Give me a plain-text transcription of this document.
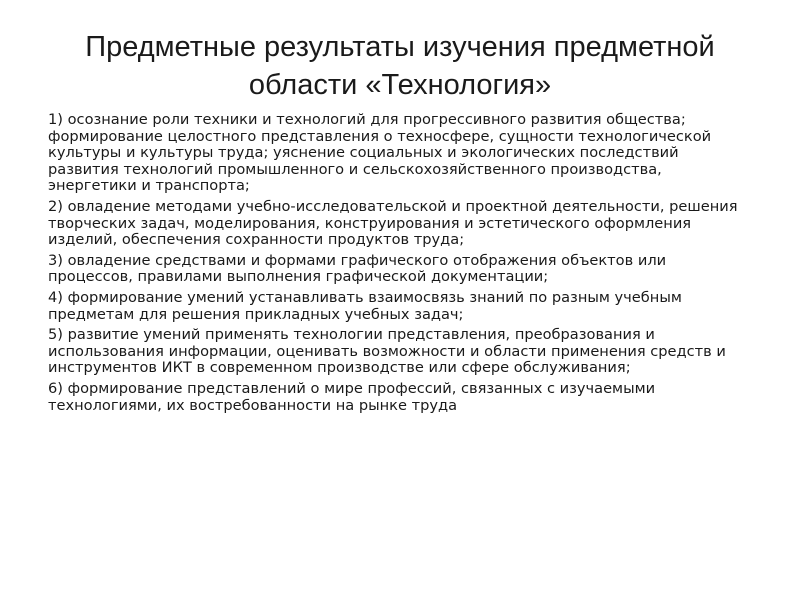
Предметные результаты изучения предметной
области «Технология»

1) осознание роли техники и технологий для прогрессивного развития общества; формирование целостного представления о техносфере, сущности технологической культуры и культуры труда; уяснение социальных и экологических последствий развития технологий промышленного и сельскохозяйственного производства, энергетики и транспорта;

2) овладение методами учебно-исследовательской и проектной деятельности, решения творческих задач, моделирования, конструирования и эстетического оформления изделий, обеспечения сохранности продуктов труда;

3) овладение средствами и формами графического отображения объектов или процессов, правилами выполнения графической документации;

4) формирование умений устанавливать взаимосвязь знаний по разным учебным предметам для решения прикладных учебных задач;

5) развитие умений применять технологии представления, преобразования и использования информации, оценивать возможности и области применения средств и инструментов ИКТ в современном производстве или сфере обслуживания;

6) формирование представлений о мире профессий, связанных с изучаемыми технологиями, их востребованности на рынке труда
